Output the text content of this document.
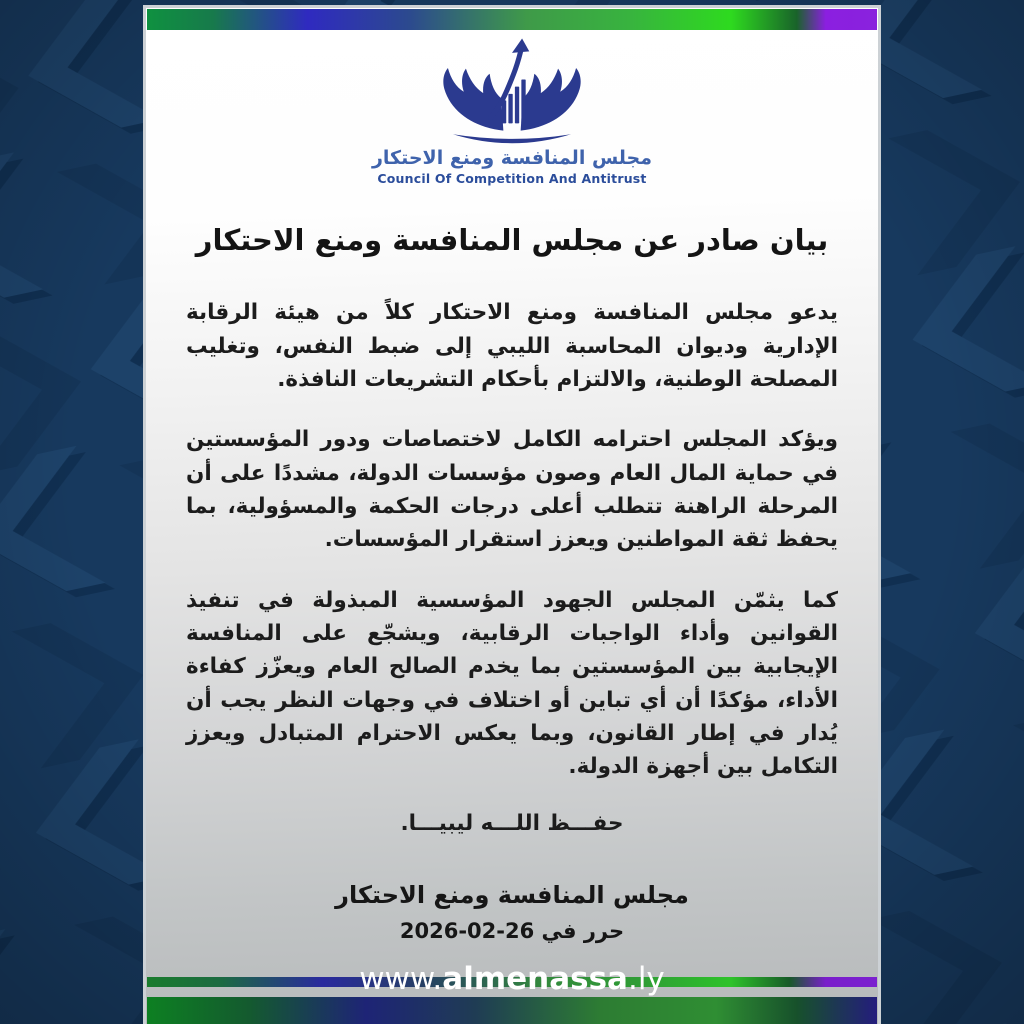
مجلس المنافسة ومنع الاحتكار
Council Of Competition And Antitrust
بيان صادر عن مجلس المنافسة ومنع الاحتكار

يدعو مجلس المنافسة ومنع الاحتكار كلاً من هيئة الرقابة الإدارية وديوان المحاسبة الليبي إلى ضبط النفس، وتغليب المصلحة الوطنية، والالتزام بأحكام التشريعات النافذة.

ويؤكد المجلس احترامه الكامل لاختصاصات ودور المؤسستين في حماية المال العام وصون مؤسسات الدولة، مشددًا على أن المرحلة الراهنة تتطلب أعلى درجات الحكمة والمسؤولية، بما يحفظ ثقة المواطنين ويعزز استقرار المؤسسات.

كما يثمّن المجلس الجهود المؤسسية المبذولة في تنفيذ القوانين وأداء الواجبات الرقابية، ويشجّع على المنافسة الإيجابية بين المؤسستين بما يخدم الصالح العام ويعزّز كفاءة الأداء، مؤكدًا أن أي تباين أو اختلاف في وجهات النظر يجب أن يُدار في إطار القانون، وبما يعكس الاحترام المتبادل ويعزز التكامل بين أجهزة الدولة.

حفـــظ اللـــه ليبيـــا.

مجلس المنافسة ومنع الاحتكار
حرر في 2026-02-26
www.almenassa.ly
